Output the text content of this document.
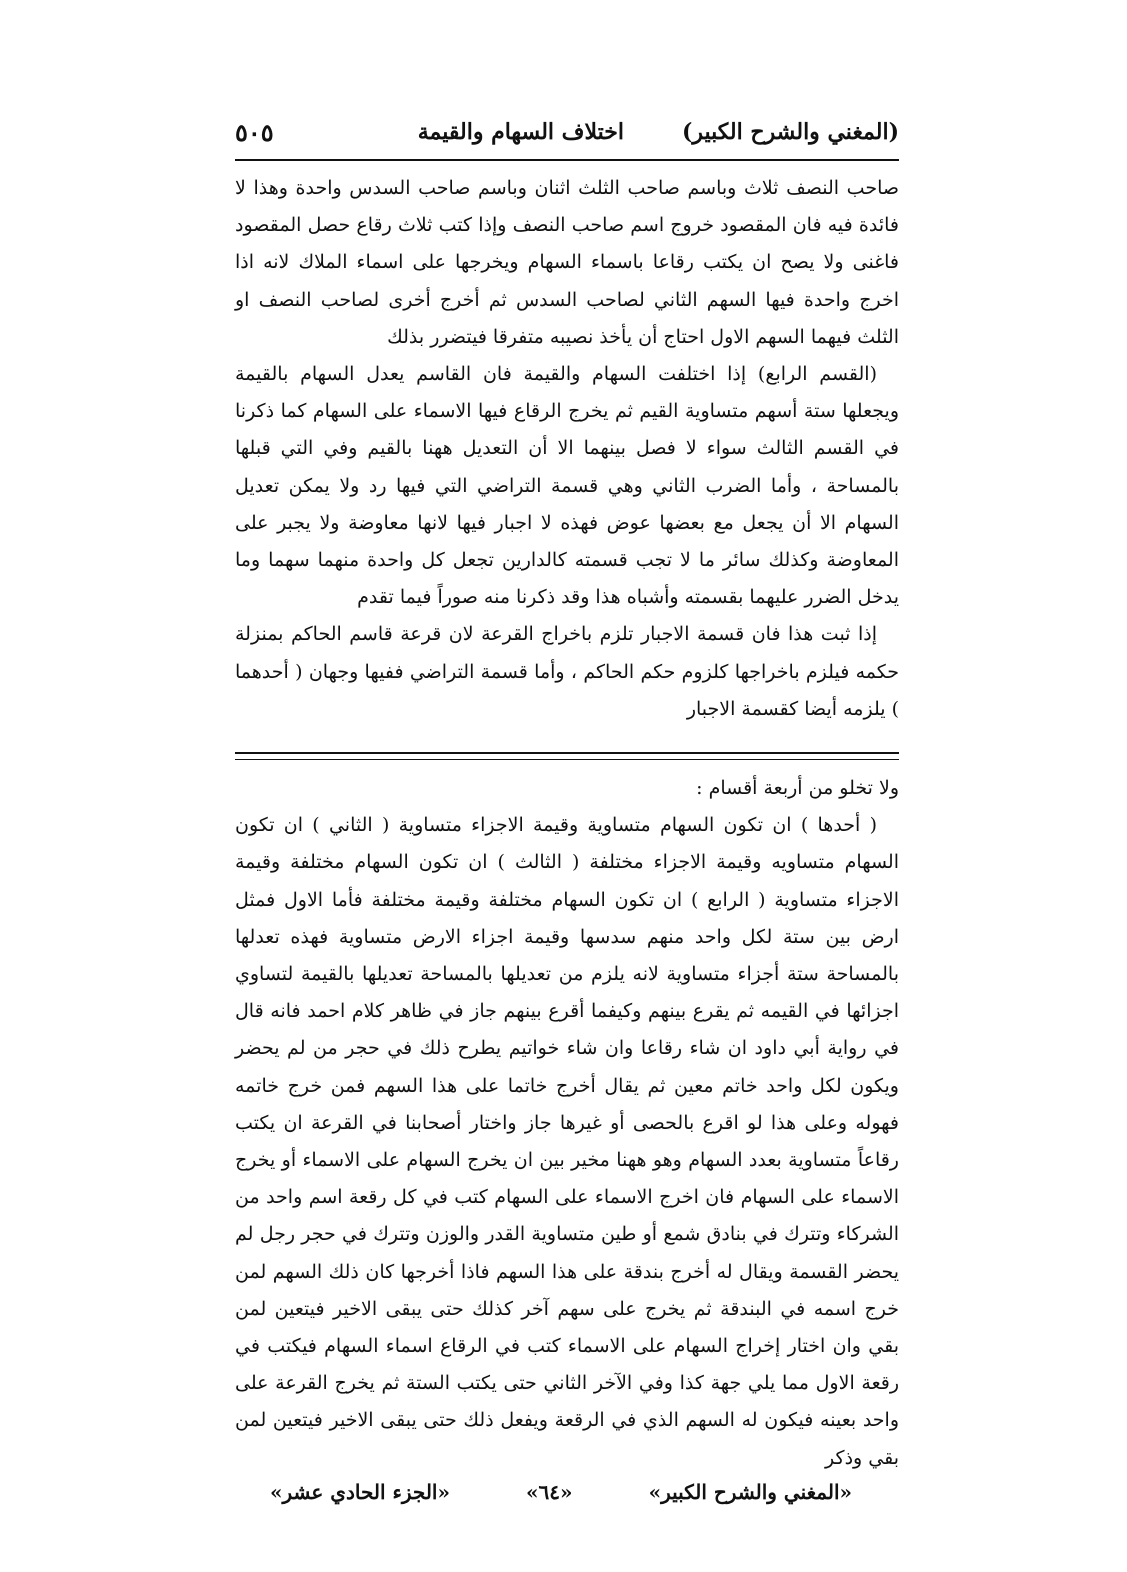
(المغني والشرح الكبير)
اختلاف السهام والقيمة
٥٠٥

صاحب النصف ثلاث وباسم صاحب الثلث اثنان وباسم صاحب السدس واحدة وهذا لا فائدة فيه فان المقصود خروج اسم صاحب النصف وإذا كتب ثلاث رقاع حصل المقصود فاغنى ولا يصح ان يكتب رقاعا باسماء السهام ويخرجها على اسماء الملاك لانه اذا اخرج واحدة فيها السهم الثاني لصاحب السدس ثم أخرج أخرى لصاحب النصف او الثلث فيهما السهم الاول احتاج أن يأخذ نصيبه متفرقا فيتضرر بذلك

(القسم الرابع) إذا اختلفت السهام والقيمة فان القاسم يعدل السهام بالقيمة ويجعلها ستة أسهم متساوية القيم ثم يخرج الرقاع فيها الاسماء على السهام كما ذكرنا في القسم الثالث سواء لا فصل بينهما الا أن التعديل ههنا بالقيم وفي التي قبلها بالمساحة ، وأما الضرب الثاني وهي قسمة التراضي التي فيها رد ولا يمكن تعديل السهام الا أن يجعل مع بعضها عوض فهذه لا اجبار فيها لانها معاوضة ولا يجبر على المعاوضة وكذلك سائر ما لا تجب قسمته كالدارين تجعل كل واحدة منهما سهما وما يدخل الضرر عليهما بقسمته وأشباه هذا وقد ذكرنا منه صوراً فيما تقدم

إذا ثبت هذا فان قسمة الاجبار تلزم باخراج القرعة لان قرعة قاسم الحاكم بمنزلة حكمه فيلزم باخراجها كلزوم حكم الحاكم ، وأما قسمة التراضي ففيها وجهان ( أحدهما ) يلزمه أيضا كقسمة الاجبار

ولا تخلو من أربعة أقسام :

( أحدها ) ان تكون السهام متساوية وقيمة الاجزاء متساوية ( الثاني ) ان تكون السهام متساويه وقيمة الاجزاء مختلفة ( الثالث ) ان تكون السهام مختلفة وقيمة الاجزاء متساوية ( الرابع ) ان تكون السهام مختلفة وقيمة مختلفة فأما الاول فمثل ارض بين ستة لكل واحد منهم سدسها وقيمة اجزاء الارض متساوية فهذه تعدلها بالمساحة ستة أجزاء متساوية لانه يلزم من تعديلها بالمساحة تعديلها بالقيمة لتساوي اجزائها في القيمه ثم يقرع بينهم وكيفما أقرع بينهم جاز في ظاهر كلام احمد فانه قال في رواية أبي داود ان شاء رقاعا وان شاء خواتيم يطرح ذلك في حجر من لم يحضر ويكون لكل واحد خاتم معين ثم يقال أخرج خاتما على هذا السهم فمن خرج خاتمه فهوله وعلى هذا لو اقرع بالحصى أو غيرها جاز واختار أصحابنا في القرعة ان يكتب رقاعاً متساوية بعدد السهام وهو ههنا مخير بين ان يخرج السهام على الاسماء أو يخرج الاسماء على السهام فان اخرج الاسماء على السهام كتب في كل رقعة اسم واحد من الشركاء وتترك في بنادق شمع أو طين متساوية القدر والوزن وتترك في حجر رجل لم يحضر القسمة ويقال له أخرج بندقة على هذا السهم فاذا أخرجها كان ذلك السهم لمن خرج اسمه في البندقة ثم يخرج على سهم آخر كذلك حتى يبقى الاخير فيتعين لمن بقي وان اختار إخراج السهام على الاسماء كتب في الرقاع اسماء السهام فيكتب في رقعة الاول مما يلي جهة كذا وفي الآخر الثاني حتى يكتب الستة ثم يخرج القرعة على واحد بعينه فيكون له السهم الذي في الرقعة ويفعل ذلك حتى يبقى الاخير فيتعين لمن بقي وذكر

«المغني والشرح الكبير»
«٦٤»
«الجزء الحادي عشر»
